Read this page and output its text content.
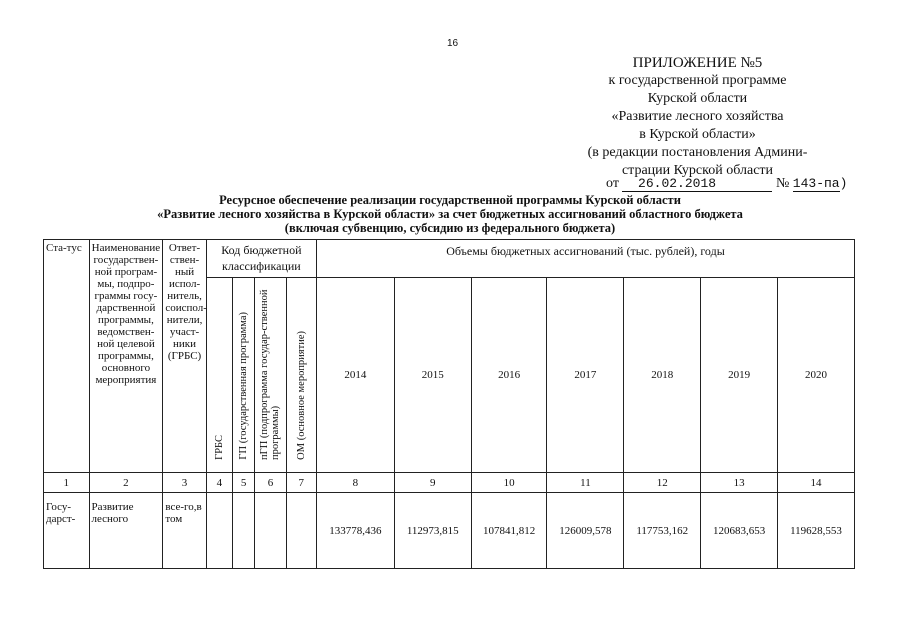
16
ПРИЛОЖЕНИЕ №5
к государственной программе
Курской области
«Развитие лесного хозяйства
в Курской области»
(в редакции постановления Админи-
страции Курской области
от 26.02.2018	№ 143-па)
Ресурсное обеспечение реализации государственной программы Курской области
«Развитие лесного хозяйства в Курской области» за счет бюджетных ассигнований областного бюджета
(включая субвенцию, субсидию из федерального бюджета)
Ста-тус	Наименование государствен-ной програм-мы, подпро-граммы госу-дарственной программы, ведомствен-ной целевой программы, основного мероприятия	Ответ-ствен-ный испол-нитель, соиспол-нители, участ-ники (ГРБС)	Код бюджетной классификации				Объемы бюджетных ассигнований (тыс. рублей), годы						

			ГРБС	ГП (государственная программа)	пГП (подпрограмма государ-ственной программы)	ОМ (основное мероприятие)	2014	2015	2016	2017	2018	2019	2020
1	2	3	4	5	6	7	8	9	10	11	12	13	14
Госу-дарст-	Развитие лесного	все-го,в том					133778,436	112973,815	107841,812	126009,578	117753,162	120683,653	119628,553
